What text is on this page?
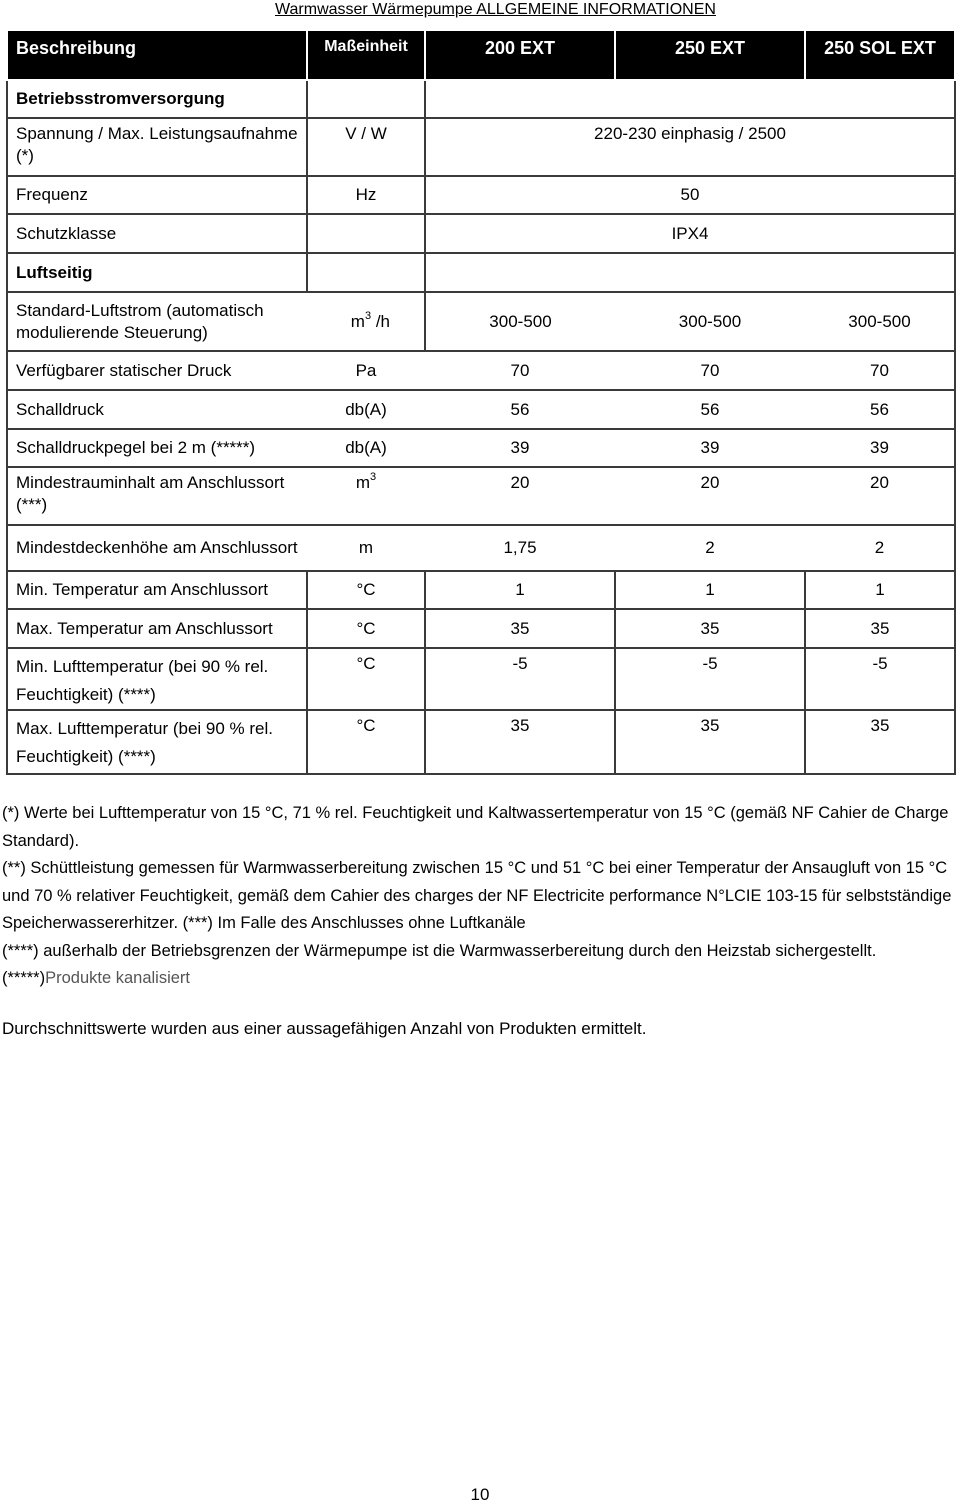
Warmwasser Wärmepumpe ALLGEMEINE INFORMATIONEN
Beschreibung	Maßeinheit	200 EXT	250 EXT	250 SOL EXT
Betriebsstromversorgung				
Spannung / Max. Leistungsaufnahme (*)	V / W	220-230 einphasig / 2500		
Frequenz	Hz	50		
Schutzklasse		IPX4		
Luftseitig				
Standard-Luftstrom (automatisch modulierende Steuerung)	$m^3$ /h	300-500	300-500	300-500
Verfügbarer statischer Druck	Pa	70	70	70
Schalldruck	db(A)	56	56	56
Schalldruckpegel bei 2 m (*****)	db(A)	39	39	39
Mindestrauminhalt am Anschlussort (***)	$m^3$	20	20	20
Mindestdeckenhöhe am Anschlussort	m	1,75	2	2
Min. Temperatur am Anschlussort	°C	1	1	1
Max. Temperatur am Anschlussort	°C	35	35	35

Min. Lufttemperatur (bei 90 % rel.
Feuchtigkeit) (****)	°C	-5	-5	-5

Max. Lufttemperatur (bei 90 % rel.
Feuchtigkeit) (****)	°C	35	35	35

(*) Werte bei Lufttemperatur von 15 °C, 71 % rel. Feuchtigkeit und Kaltwassertemperatur von 15 °C (gemäß NF Cahier de Charge Standard).

(**) Schüttleistung gemessen für Warmwasserbereitung zwischen 15 °C und 51 °C bei einer Temperatur der Ansaugluft von 15 °C und 70 % relativer Feuchtigkeit, gemäß dem Cahier des charges der NF Electricite performance N°LCIE 103-15 für selbstständige Speicherwassererhitzer. (***) Im Falle des Anschlusses ohne Luftkanäle

(****) außerhalb der Betriebsgrenzen der Wärmepumpe ist die Warmwasserbereitung durch den Heizstab sichergestellt.

(*****)Produkte kanalisiert

Durchschnittswerte wurden aus einer aussagefähigen Anzahl von Produkten ermittelt.
10
